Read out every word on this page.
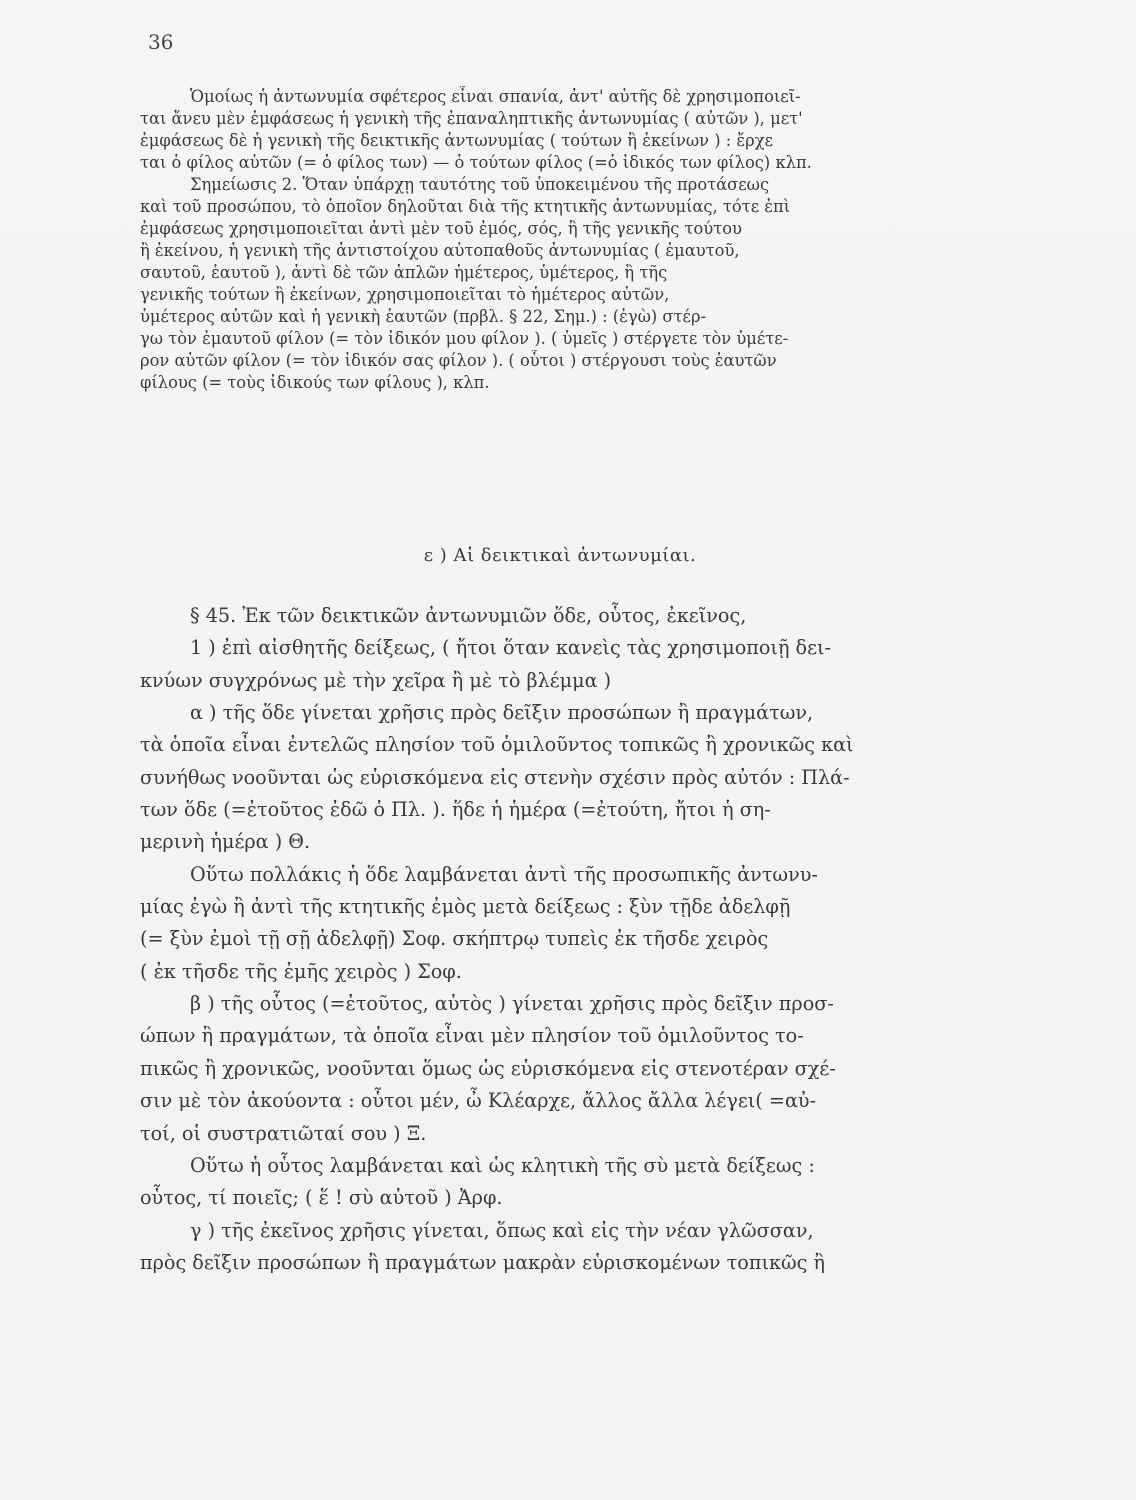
36
Ὁμοίως ἡ ἀντωνυμία σφέτερος εἶναι σπανία, ἀντ' αὐτῆς δὲ χρησιμοποιεῖ-
ται ἄνευ μὲν ἐμφάσεως ἡ γενικὴ τῆς ἐπαναληπτικῆς ἀντωνυμίας ( αὐτῶν ), μετ'
ἐμφάσεως δὲ ἡ γενικὴ τῆς δεικτικῆς ἀντωνυμίας ( τούτων ἢ ἐκείνων ) : ἔρχε
ται ὁ φίλος αὐτῶν (= ὁ φίλος των) — ὁ τούτων φίλος (=ὁ ἰδικός των φίλος) κλπ.
Σημείωσις 2. Ὅταν ὑπάρχῃ ταυτότης τοῦ ὑποκειμένου τῆς προτάσεως
καὶ τοῦ προσώπου, τὸ ὁποῖον δηλοῦται διὰ τῆς κτητικῆς ἀντωνυμίας, τότε ἐπὶ
ἐμφάσεως χρησιμοποιεῖται ἀντὶ μὲν τοῦ ἐμός, σός, ἢ τῆς γενικῆς τούτου
ἢ ἐκείνου, ἡ γενικὴ τῆς ἀντιστοίχου αὐτοπαθοῦς ἀντωνυμίας ( ἐμαυτοῦ,
σαυτοῦ, ἑαυτοῦ ), ἀντὶ δὲ τῶν ἁπλῶν ἡμέτερος, ὑμέτερος, ἢ τῆς
γενικῆς τούτων ἢ ἐκείνων, χρησιμοποιεῖται τὸ ἡμέτερος αὐτῶν,
ὑμέτερος αὐτῶν καὶ ἡ γενικὴ ἑαυτῶν (πρβλ. § 22, Σημ.) : (ἐγὼ) στέρ-
γω τὸν ἐμαυτοῦ φίλον (= τὸν ἰδικόν μου φίλον ). ( ὑμεῖς ) στέργετε τὸν ὑμέτε-
ρον αὐτῶν φίλον (= τὸν ἰδικόν σας φίλον ). ( οὗτοι ) στέργουσι τοὺς ἑαυτῶν
φίλους (= τοὺς ἰδικούς των φίλους ), κλπ.
ε ) Αἱ δεικτικαὶ ἀντωνυμίαι.
§ 45. Ἐκ τῶν δεικτικῶν ἀντωνυμιῶν ὅδε, οὗτος, ἐκεῖνος,
1 ) ἐπὶ αἰσθητῆς δείξεως, ( ἤτοι ὅταν κανεὶς τὰς χρησιμοποιῇ δει-
κνύων συγχρόνως μὲ τὴν χεῖρα ἢ μὲ τὸ βλέμμα )
α ) τῆς ὅδε γίνεται χρῆσις πρὸς δεῖξιν προσώπων ἢ πραγμάτων,
τὰ ὁποῖα εἶναι ἐντελῶς πλησίον τοῦ ὁμιλοῦντος τοπικῶς ἢ χρονικῶς καὶ
συνήθως νοοῦνται ὡς εὑρισκόμενα εἰς στενὴν σχέσιν πρὸς αὐτόν : Πλά-
των ὅδε (=ἐτοῦτος ἐδῶ ὁ Πλ. ). ἥδε ἡ ἡμέρα (=ἐτούτη, ἤτοι ἡ ση-
μερινὴ ἡμέρα ) Θ.
Οὕτω πολλάκις ἡ ὅδε λαμβάνεται ἀντὶ τῆς προσωπικῆς ἀντωνυ-
μίας ἐγὼ ἢ ἀντὶ τῆς κτητικῆς ἐμὸς μετὰ δείξεως : ξὺν τῇδε ἀδελφῇ
(= ξὺν ἐμοὶ τῇ σῇ ἀδελφῇ) Σοφ. σκήπτρῳ τυπεὶς ἐκ τῆσδε χειρὸς
( ἐκ τῆσδε τῆς ἐμῆς χειρὸς ) Σοφ.
β ) τῆς οὗτος (=ἐτοῦτος, αὐτὸς ) γίνεται χρῆσις πρὸς δεῖξιν προσ-
ώπων ἢ πραγμάτων, τὰ ὁποῖα εἶναι μὲν πλησίον τοῦ ὁμιλοῦντος το-
πικῶς ἢ χρονικῶς, νοοῦνται ὅμως ὡς εὑρισκόμενα εἰς στενοτέραν σχέ-
σιν μὲ τὸν ἀκούοντα : οὗτοι μέν, ὦ Κλέαρχε, ἄλλος ἄλλα λέγει( =αὐ-
τοί, οἱ συστρατιῶταί σου ) Ξ.
Οὕτω ἡ οὗτος λαμβάνεται καὶ ὡς κλητικὴ τῆς σὺ μετὰ δείξεως :
οὗτος, τί ποιεῖς; ( ἕ ! σὺ αὐτοῦ ) Ἀρφ.
γ ) τῆς ἐκεῖνος χρῆσις γίνεται, ὅπως καὶ εἰς τὴν νέαν γλῶσσαν,
πρὸς δεῖξιν προσώπων ἢ πραγμάτων μακρὰν εὑρισκομένων τοπικῶς ἢ
